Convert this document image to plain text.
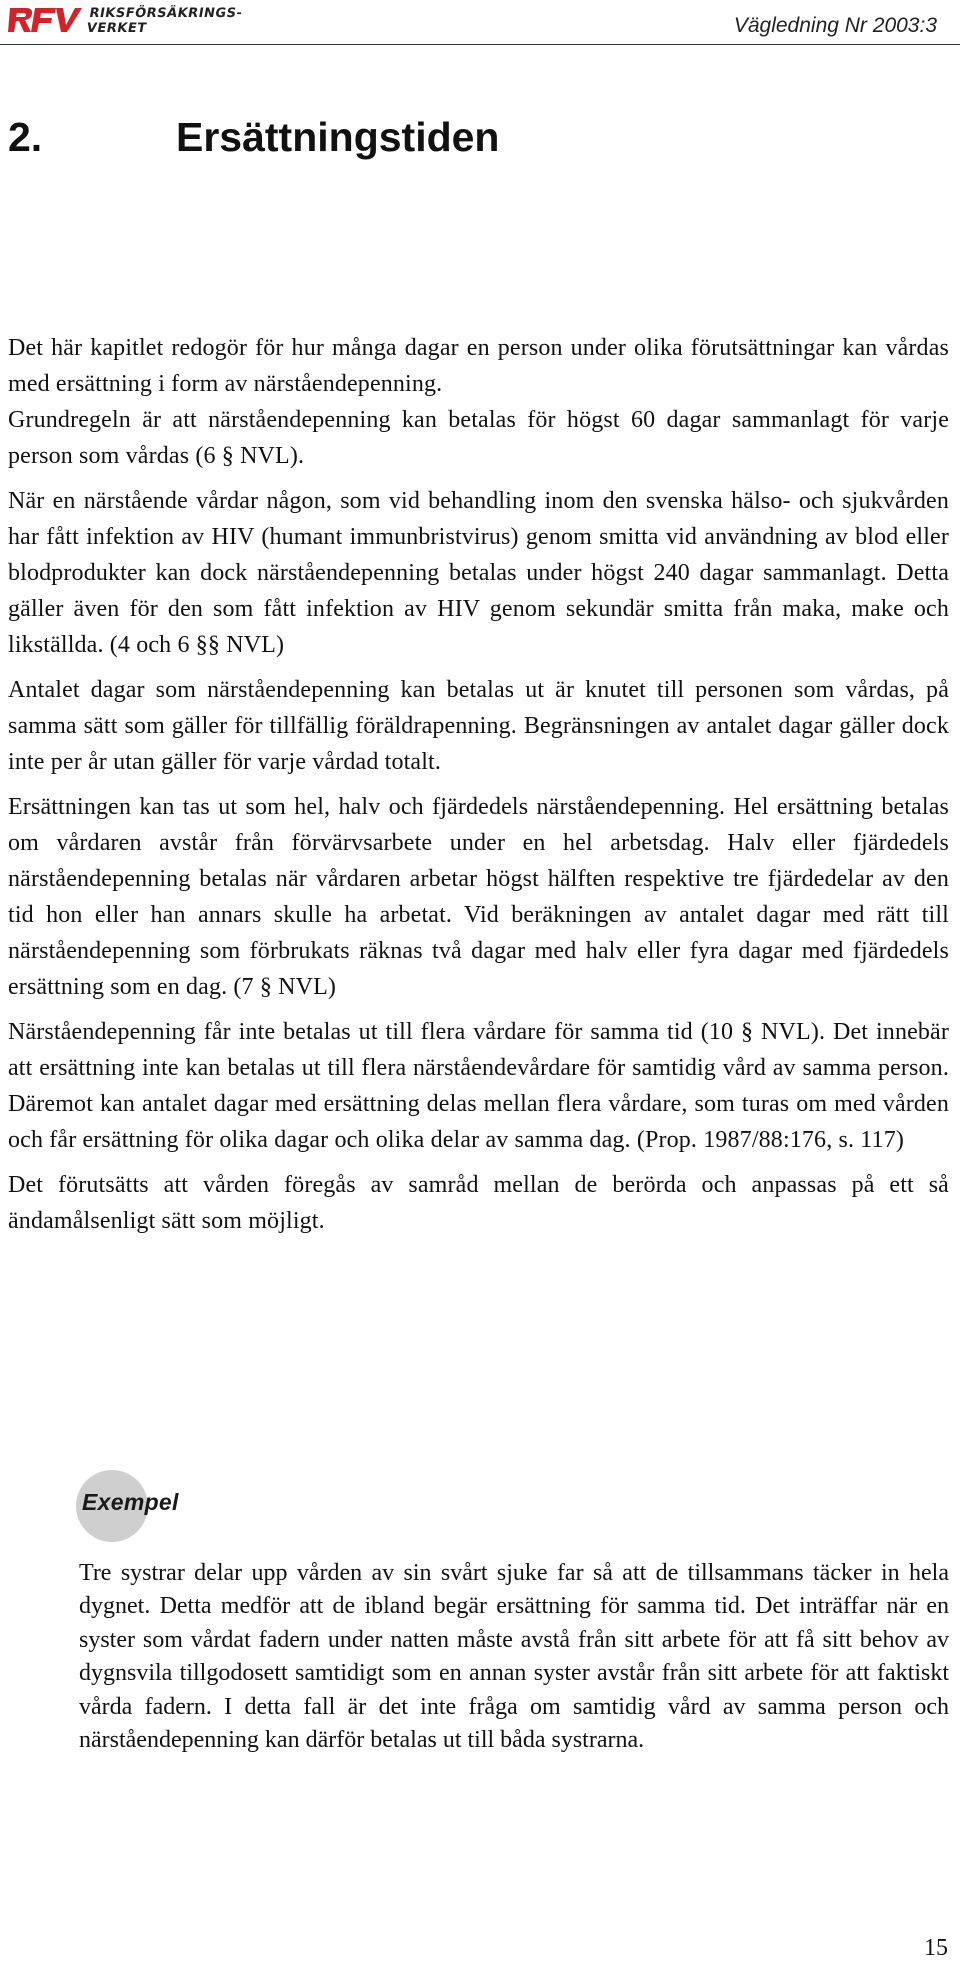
RIKSFÖRSÄKRINGS-
VERKET	Vägledning Nr 2003:3
2.	Ersättningstiden

Det här kapitlet redogör för hur många dagar en person under olika förutsättningar kan vårdas med ersättning i form av närståendepenning.

Grundregeln är att närståendepenning kan betalas för högst 60 dagar sammanlagt för varje person som vårdas (6 § NVL).

När en närstående vårdar någon, som vid behandling inom den svenska hälso- och sjukvården har fått infektion av HIV (humant immunbristvirus) genom smitta vid användning av blod eller blodprodukter kan dock närståendepenning betalas under högst 240 dagar sammanlagt. Detta gäller även för den som fått infektion av HIV genom sekundär smitta från maka, make och likställda. (4 och 6 §§ NVL)

Antalet dagar som närståendepenning kan betalas ut är knutet till personen som vårdas, på samma sätt som gäller för tillfällig föräldrapenning. Begränsningen av antalet dagar gäller dock inte per år utan gäller för varje vårdad totalt.

Ersättningen kan tas ut som hel, halv och fjärdedels närståendepenning. Hel ersättning betalas om vårdaren avstår från förvärvsarbete under en hel arbetsdag. Halv eller fjärdedels närståendepenning betalas när vårdaren arbetar högst hälften respektive tre fjärdedelar av den tid hon eller han annars skulle ha arbetat. Vid beräkningen av antalet dagar med rätt till närståendepenning som förbrukats räknas två dagar med halv eller fyra dagar med fjärdedels ersättning som en dag. (7 § NVL)

Närståendepenning får inte betalas ut till flera vårdare för samma tid (10 § NVL). Det innebär att ersättning inte kan betalas ut till flera närståendevårdare för samtidig vård av samma person. Däremot kan antalet dagar med ersättning delas mellan flera vårdare, som turas om med vården och får ersättning för olika dagar och olika delar av samma dag. (Prop. 1987/88:176, s. 117)

Det förutsätts att vården föregås av samråd mellan de berörda och anpassas på ett så ändamålsenligt sätt som möjligt.

Exempel

Tre systrar delar upp vården av sin svårt sjuke far så att de tillsammans täcker in hela dygnet. Detta medför att de ibland begär ersättning för samma tid. Det inträffar när en syster som vårdat fadern under natten måste avstå från sitt arbete för att få sitt behov av dygnsvila tillgodosett samtidigt som en annan syster avstår från sitt arbete för att faktiskt vårda fadern. I detta fall är det inte fråga om samtidig vård av samma person och närståendepenning kan därför betalas ut till båda systrarna.

15
